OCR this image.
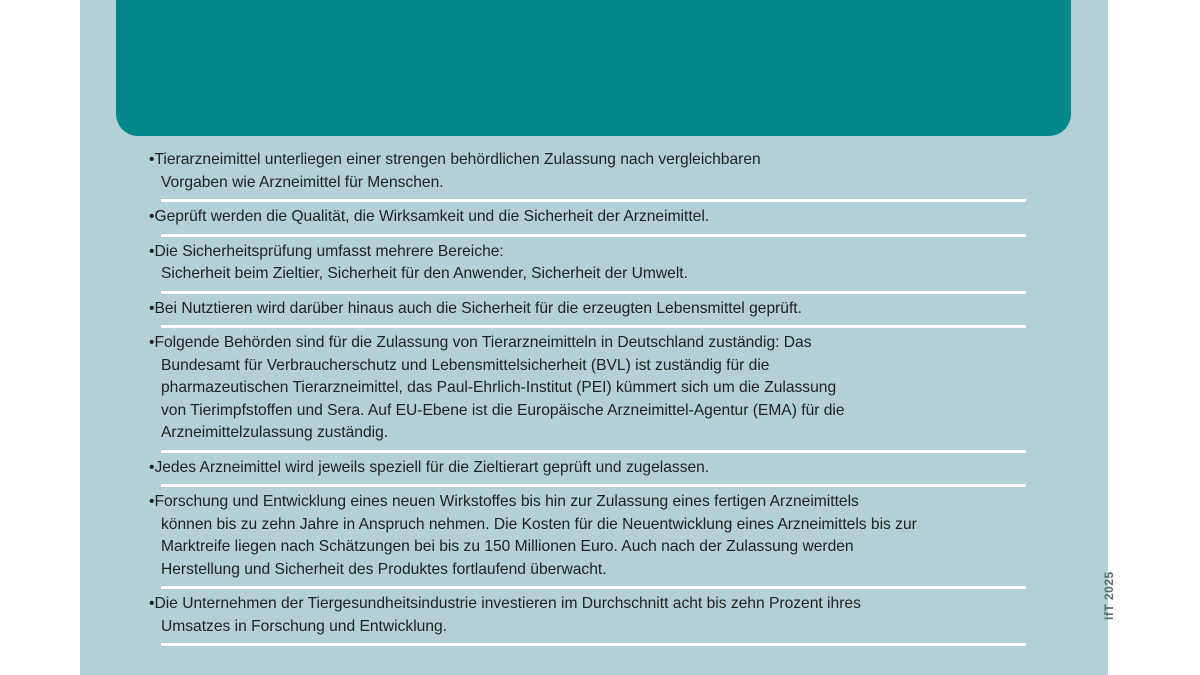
•Tierarzneimittel unterliegen einer strengen behördlichen Zulassung nach vergleichbaren
Vorgaben wie Arzneimittel für Menschen.
•Geprüft werden die Qualität, die Wirksamkeit und die Sicherheit der Arzneimittel.
•Die Sicherheitsprüfung umfasst mehrere Bereiche:
Sicherheit beim Zieltier, Sicherheit für den Anwender, Sicherheit der Umwelt.
•Bei Nutztieren wird darüber hinaus auch die Sicherheit für die erzeugten Lebensmittel geprüft.
•Folgende Behörden sind für die Zulassung von Tierarzneimitteln in Deutschland zuständig: Das
Bundesamt für Verbraucherschutz und Lebensmittelsicherheit (BVL) ist zuständig für die
pharmazeutischen Tierarzneimittel, das Paul-Ehrlich-Institut (PEI) kümmert sich um die Zulassung
von Tierimpfstoffen und Sera. Auf EU-Ebene ist die Europäische Arzneimittel-Agentur (EMA) für die
Arzneimittelzulassung zuständig.
•Jedes Arzneimittel wird jeweils speziell für die Zieltierart geprüft und zugelassen.
•Forschung und Entwicklung eines neuen Wirkstoffes bis hin zur Zulassung eines fertigen Arzneimittels
können bis zu zehn Jahre in Anspruch nehmen. Die Kosten für die Neuentwicklung eines Arzneimittels bis zur
Marktreife liegen nach Schätzungen bei bis zu 150 Millionen Euro. Auch nach der Zulassung werden
Herstellung und Sicherheit des Produktes fortlaufend überwacht.
•Die Unternehmen der Tiergesundheitsindustrie investieren im Durchschnitt acht bis zehn Prozent ihres
Umsatzes in Forschung und Entwicklung.
IfT 2025
